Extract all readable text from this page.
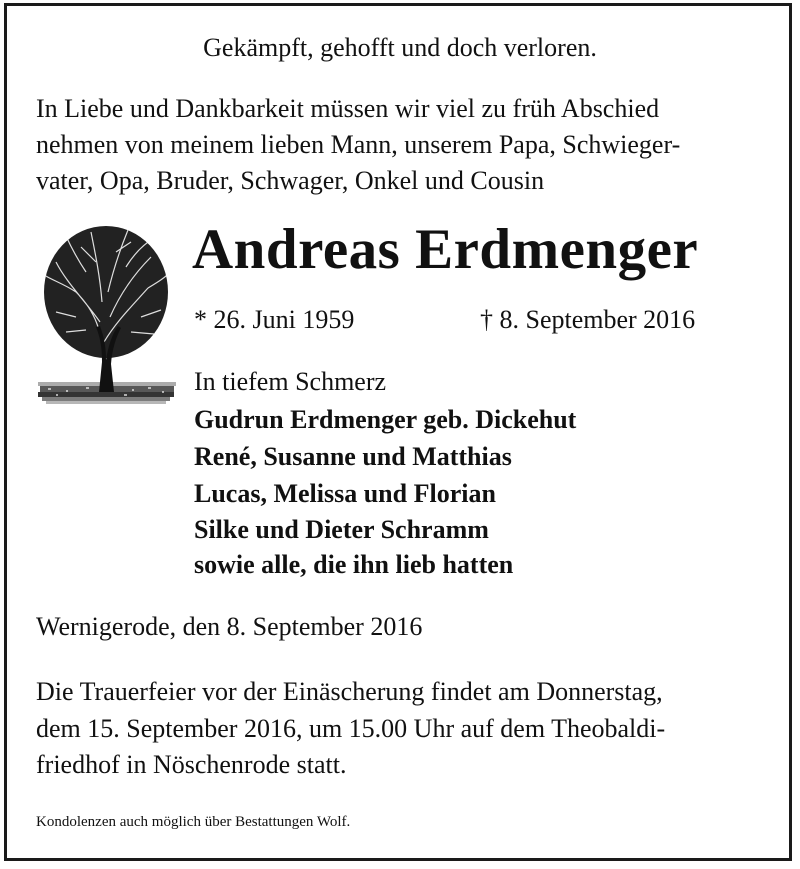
Gekämpft, gehofft und doch verloren.
In Liebe und Dankbarkeit müssen wir viel zu früh Abschied
nehmen von meinem lieben Mann, unserem Papa, Schwieger-
vater, Opa, Bruder, Schwager, Onkel und Cousin
Andreas Erdmenger
* 26. Juni 1959	† 8. September 2016
In tiefem Schmerz
Gudrun Erdmenger geb. Dickehut
René, Susanne und Matthias
Lucas, Melissa und Florian
Silke und Dieter Schramm
sowie alle, die ihn lieb hatten
Wernigerode, den 8. September 2016
Die Trauerfeier vor der Einäscherung findet am Donnerstag,
dem 15. September 2016, um 15.00 Uhr auf dem Theobaldi-
friedhof in Nöschenrode statt.
Kondolenzen auch möglich über Bestattungen Wolf.
